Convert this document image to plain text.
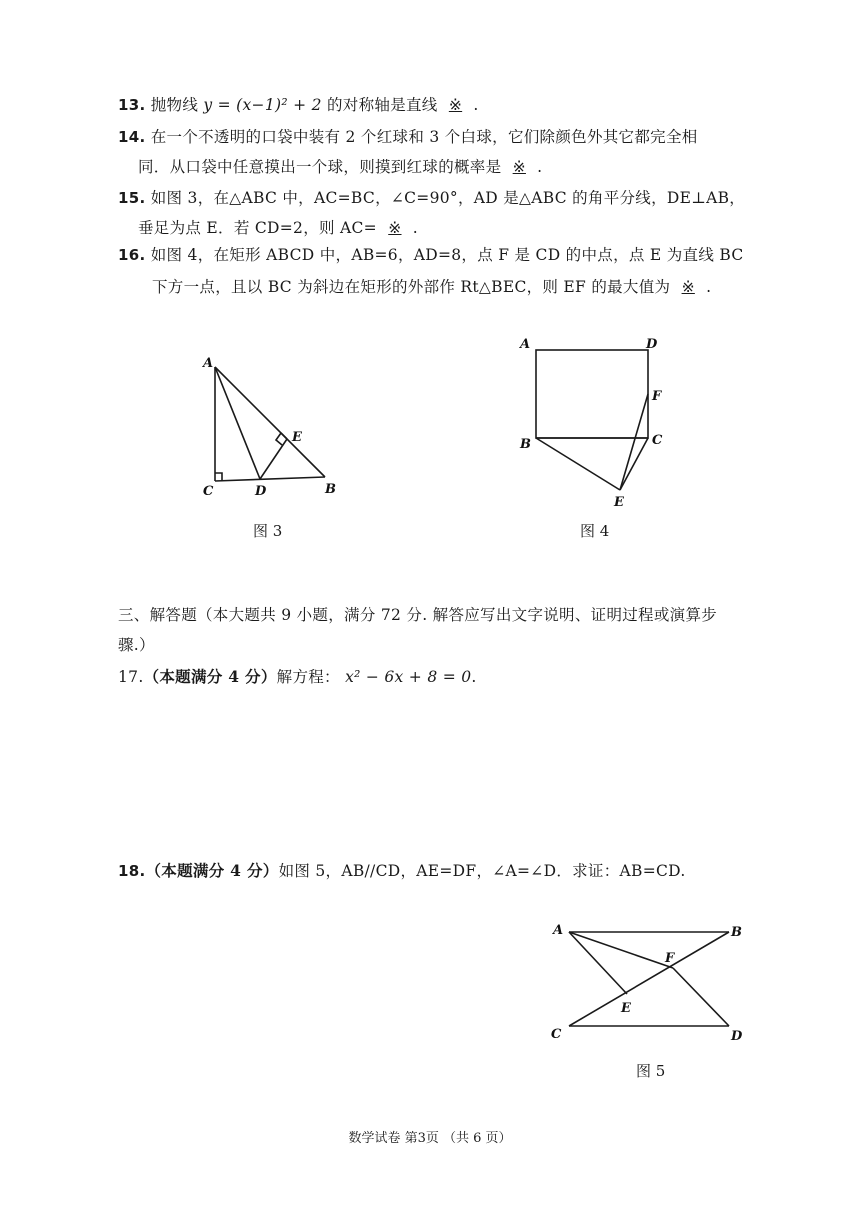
13. 抛物线 y = (x−1)² + 2 的对称轴是直线 ※ .
14. 在一个不透明的口袋中装有 2 个红球和 3 个白球，它们除颜色外其它都完全相
同．从口袋中任意摸出一个球，则摸到红球的概率是 ※ .
15. 如图 3，在△ABC 中，AC=BC，∠C=90°，AD 是△ABC 的角平分线，DE⊥AB，
垂足为点 E．若 CD=2，则 AC= ※ .
16. 如图 4，在矩形 ABCD 中，AB=6，AD=8，点 F 是 CD 的中点，点 E 为直线 BC
下方一点，且以 BC 为斜边在矩形的外部作 Rt△BEC，则 EF 的最大值为 ※ .
A
C	D	B
E
图 3
A	D
F
B	C
E
图 4
三、解答题（本大题共 9 小题，满分 72 分. 解答应写出文字说明、证明过程或演算步
骤.）
17.（本题满分 4 分）解方程： x² − 6x + 8 = 0.
18.（本题满分 4 分）如图 5，AB//CD，AE=DF，∠A=∠D．求证：AB=CD.
A	B
F
E
C	D
图 5
数学试卷 第3页 （共 6 页）
